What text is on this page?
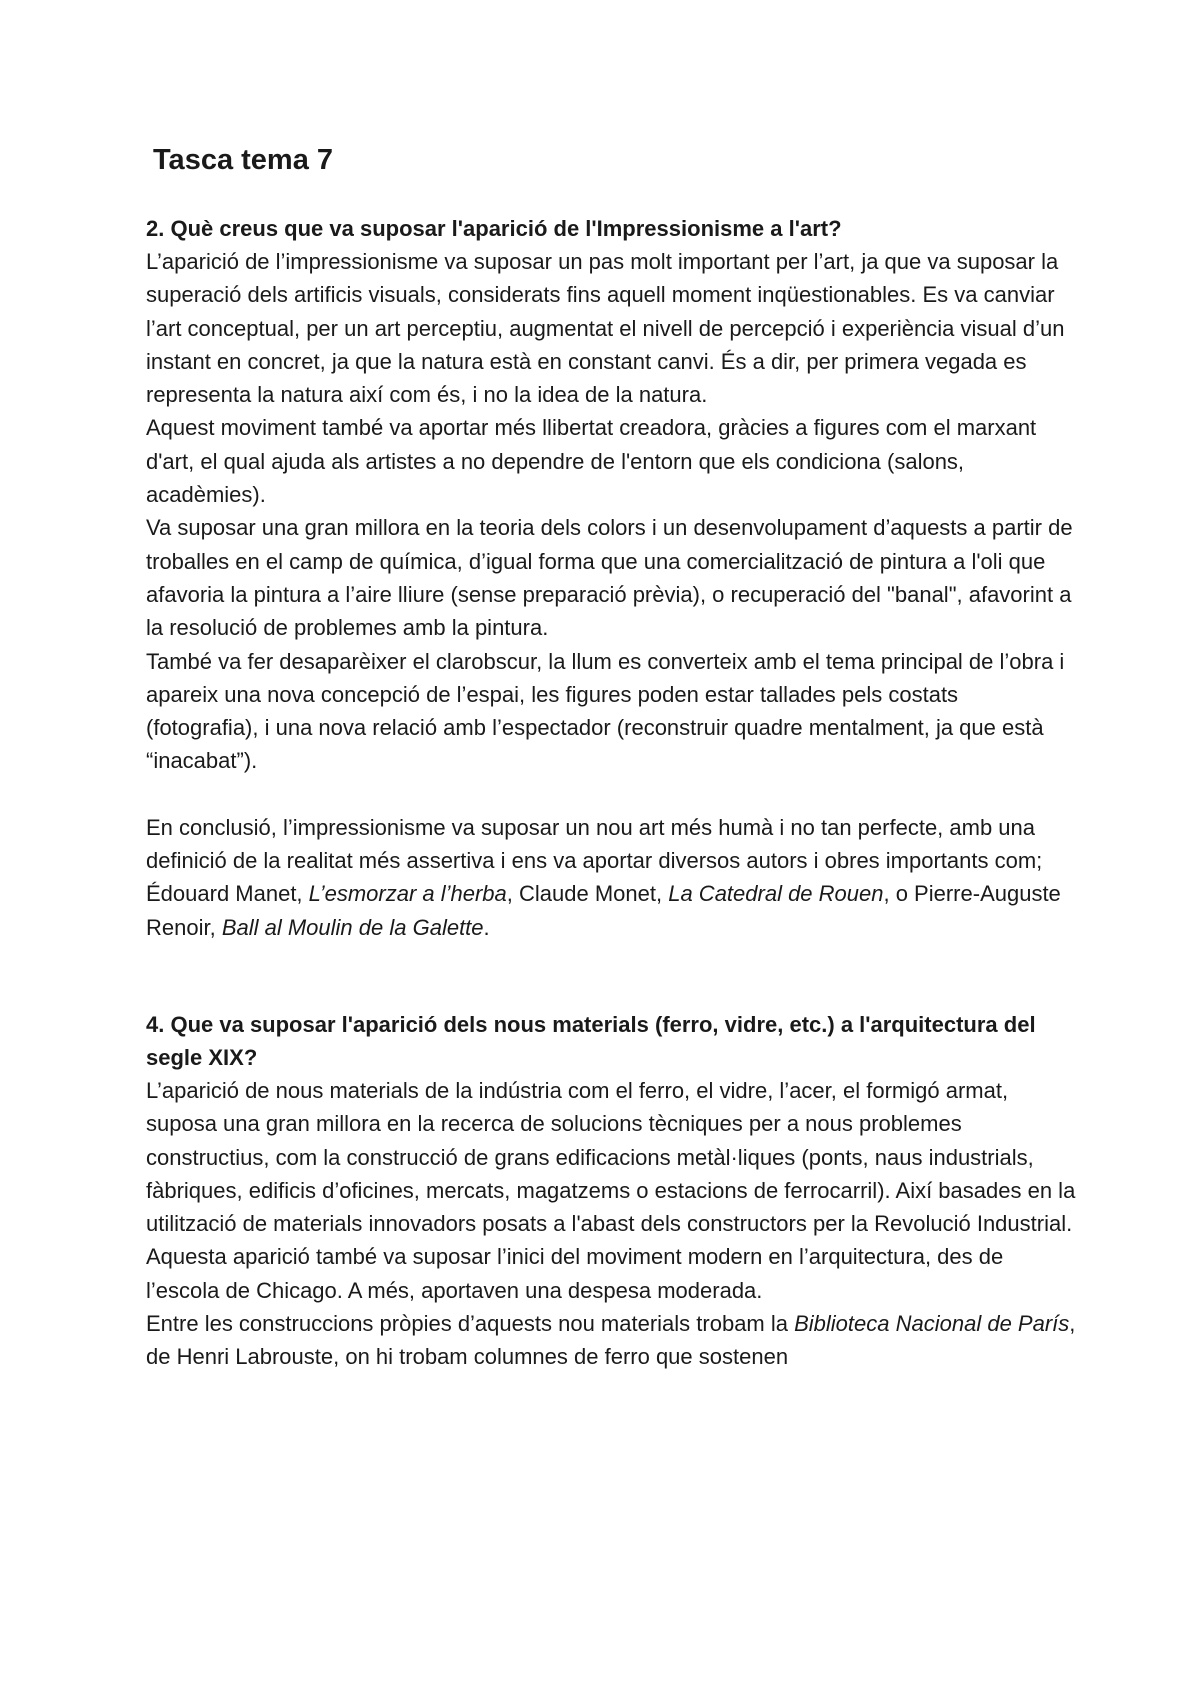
Tasca tema 7
2. Què creus que va suposar l'aparició de l'Impressionisme a l'art?

L’aparició de l’impressionisme va suposar un pas molt important per l’art, ja que va suposar la superació dels artificis visuals, considerats fins aquell moment inqüestionables. Es va canviar l’art conceptual, per un art perceptiu, augmentat el nivell de percepció i experiència visual d’un instant en concret, ja que la natura està en constant canvi. És a dir, per primera vegada es representa la natura així com és, i no la idea de la natura.

Aquest moviment també va aportar més llibertat creadora, gràcies a figures com el marxant d'art, el qual ajuda als artistes a no dependre de l'entorn que els condiciona (salons, acadèmies).

Va suposar una gran millora en la teoria dels colors i un desenvolupament d’aquests a partir de troballes en el camp de química, d’igual forma que una comercialització de pintura a l'oli que afavoria la pintura a l’aire lliure (sense preparació prèvia), o recuperació del "banal", afavorint a la resolució de problemes amb la pintura.

També va fer desaparèixer el clarobscur, la llum es converteix amb el tema principal de l’obra i apareix una nova concepció de l’espai, les figures poden estar tallades pels costats (fotografia), i una nova relació amb l’espectador (reconstruir quadre mentalment, ja que està “inacabat”).

En conclusió, l’impressionisme va suposar un nou art més humà i no tan perfecte, amb una definició de la realitat més assertiva i ens va aportar diversos autors i obres importants com; Édouard Manet, L’esmorzar a l’herba, Claude Monet, La Catedral de Rouen, o Pierre-Auguste Renoir, Ball al Moulin de la Galette.

4. Que va suposar l'aparició dels nous materials (ferro, vidre, etc.) a l'arquitectura del segle XIX?

L’aparició de nous materials de la indústria com el ferro, el vidre, l’acer, el formigó armat, suposa una gran millora en la recerca de solucions tècniques per a nous problemes constructius, com la construcció de grans edificacions metàl·liques (ponts, naus industrials, fàbriques, edificis d’oficines, mercats, magatzems o estacions de ferrocarril). Així basades en la utilització de materials innovadors posats a l'abast dels constructors per la Revolució Industrial. Aquesta aparició també va suposar l’inici del moviment modern en l’arquitectura, des de l’escola de Chicago. A més, aportaven una despesa moderada.

Entre les construccions pròpies d’aquests nou materials trobam la Biblioteca Nacional de París, de Henri Labrouste, on hi trobam columnes de ferro que sostenen
